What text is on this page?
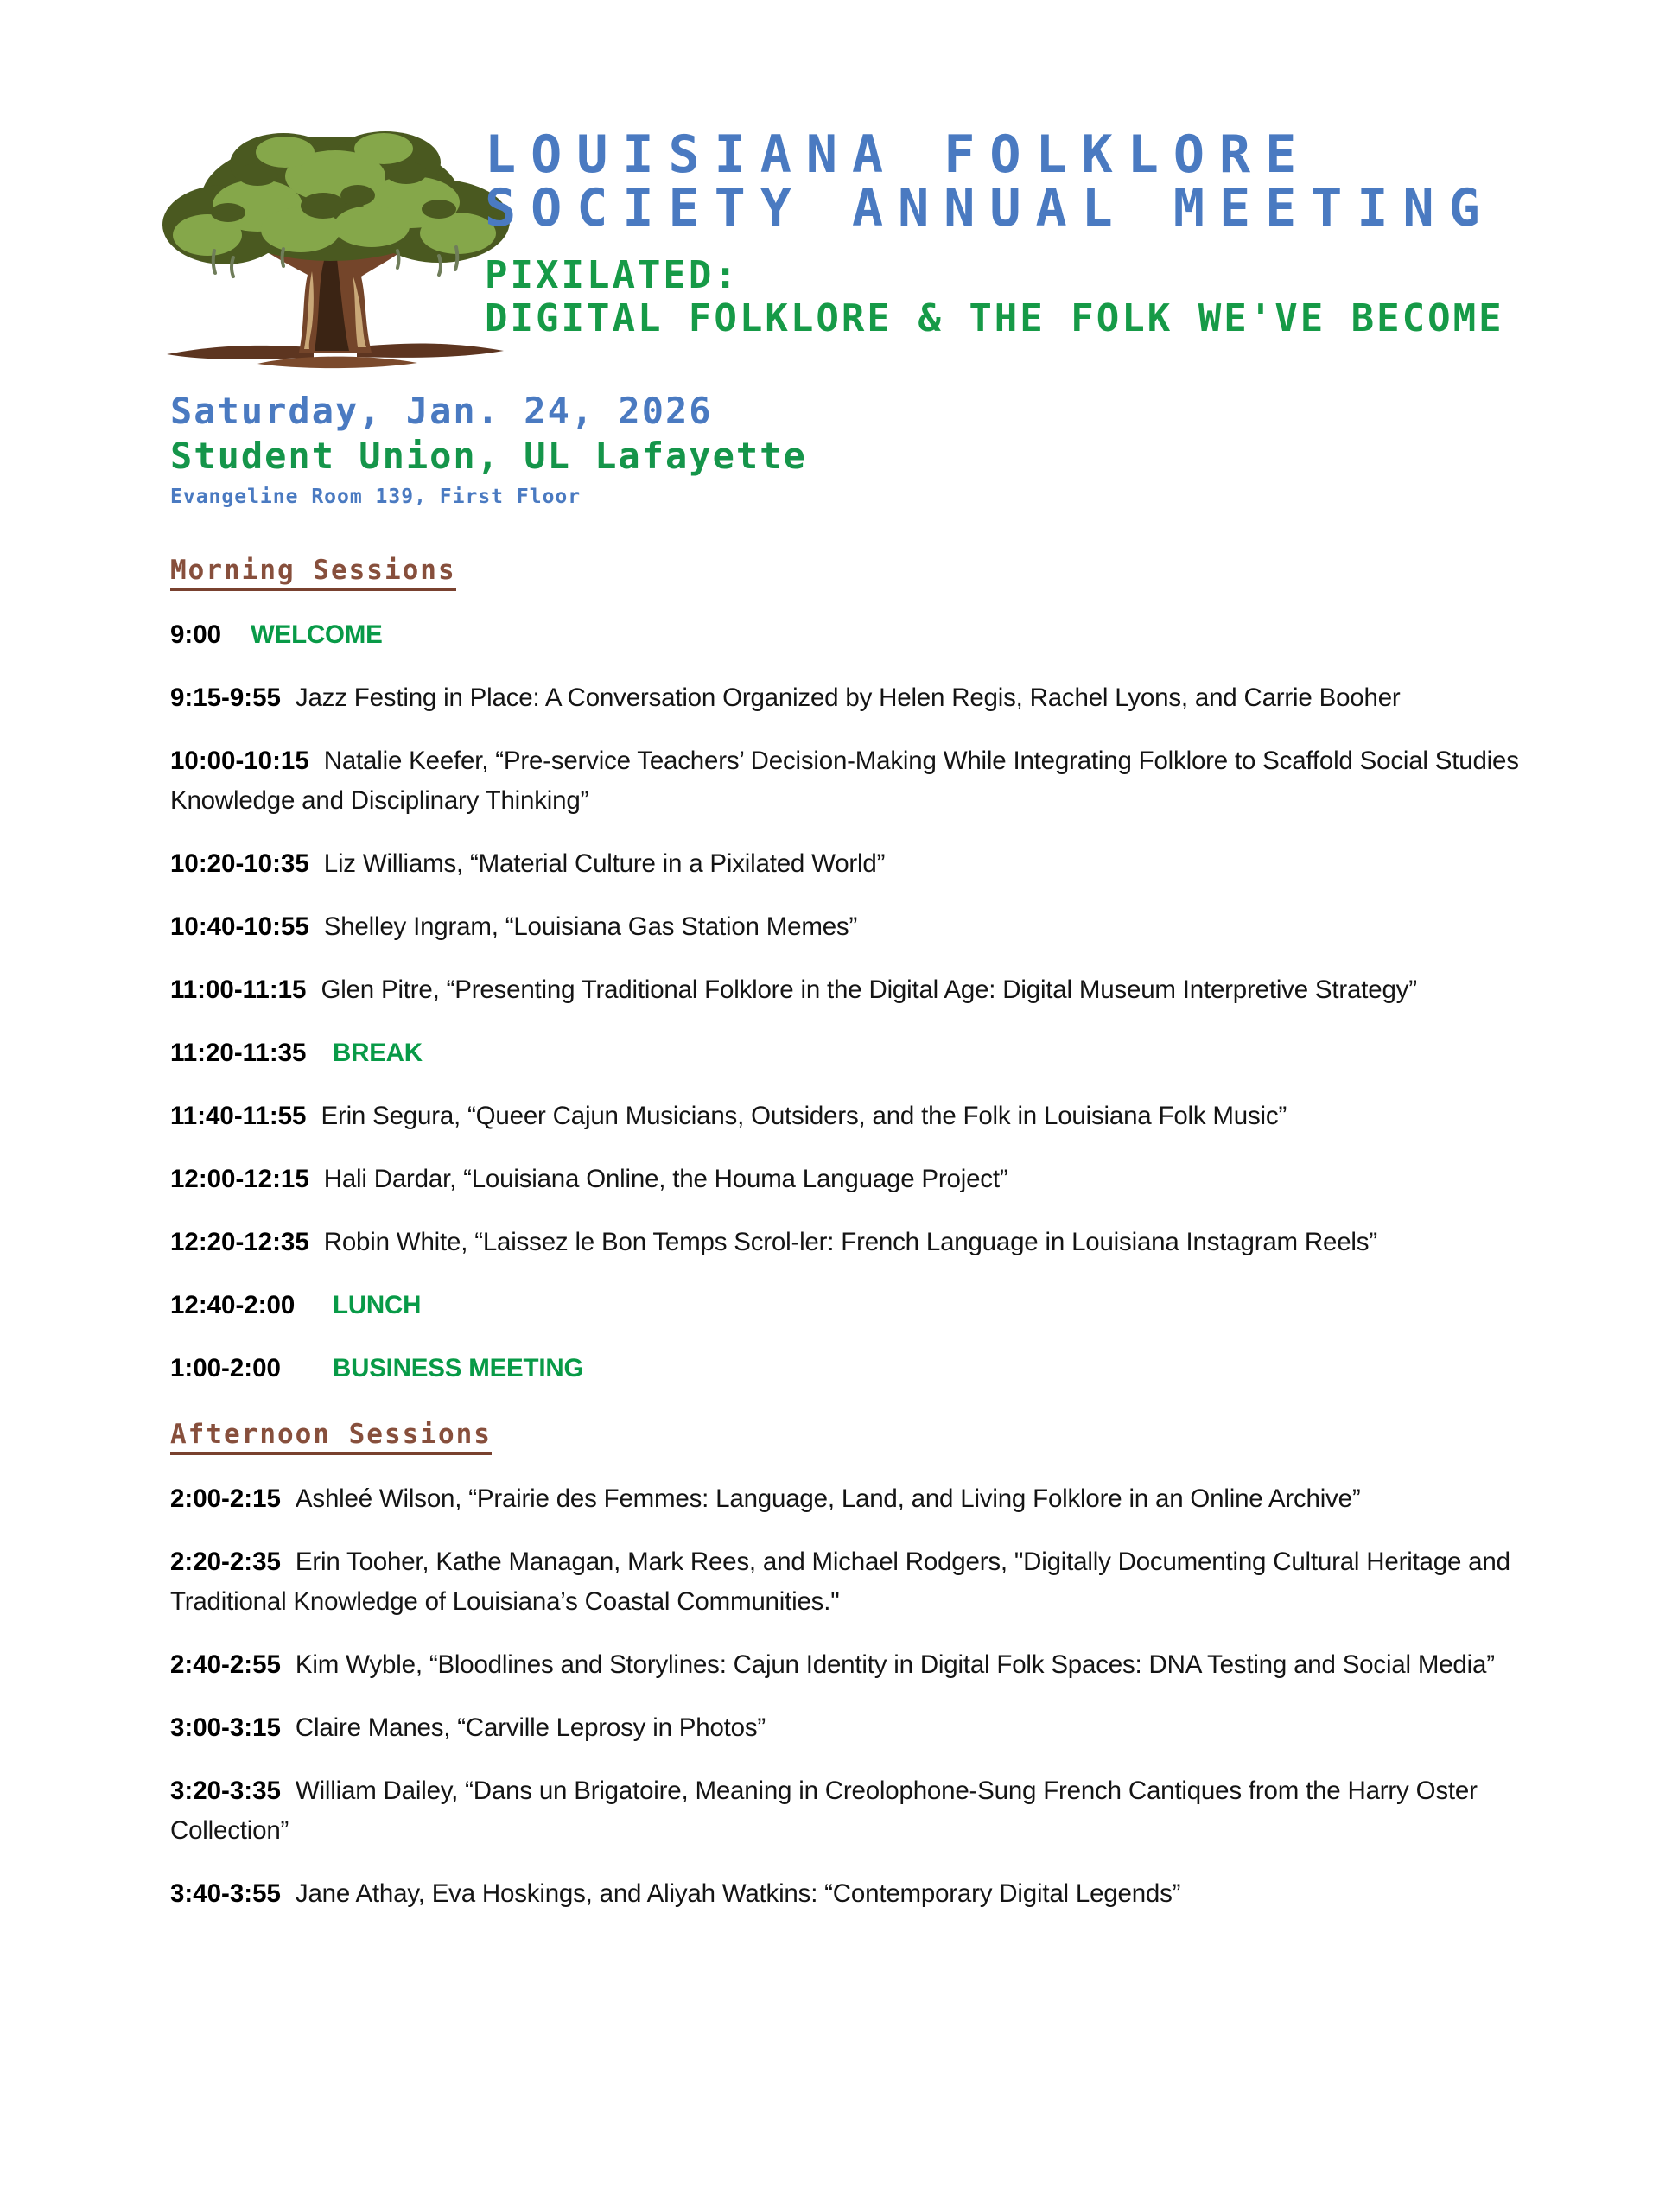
LOUISIANA FOLKLORE
SOCIETY ANNUAL MEETING
PIXILATED:
DIGITAL FOLKLORE & THE FOLK WE'VE BECOME
Saturday, Jan. 24, 2026
Student Union, UL Lafayette
Evangeline Room 139, First Floor
Morning Sessions

9:00 WELCOME

9:15-9:55 Jazz Festing in Place: A Conversation Organized by Helen Regis, Rachel Lyons, and Carrie Booher

10:00-10:15 Natalie Keefer, “Pre-service Teachers’ Decision-Making While Integrating Folklore to Scaffold Social Studies Knowledge and Disciplinary Thinking”

10:20-10:35 Liz Williams, “Material Culture in a Pixilated World”

10:40-10:55 Shelley Ingram, “Louisiana Gas Station Memes”

11:00-11:15 Glen Pitre, “Presenting Traditional Folklore in the Digital Age: Digital Museum Interpretive Strategy”

11:20-11:35 BREAK

11:40-11:55 Erin Segura, “Queer Cajun Musicians, Outsiders, and the Folk in Louisiana Folk Music”

12:00-12:15 Hali Dardar, “Louisiana Online, the Houma Language Project”

12:20-12:35 Robin White, “Laissez le Bon Temps Scrol-ler: French Language in Louisiana Instagram Reels”

12:40-2:00 LUNCH

1:00-2:00 BUSINESS MEETING

Afternoon Sessions

2:00-2:15 Ashleé Wilson, “Prairie des Femmes: Language, Land, and Living Folklore in an Online Archive”

2:20-2:35 Erin Tooher, Kathe Managan, Mark Rees, and Michael Rodgers, "Digitally Documenting Cultural Heritage and Traditional Knowledge of Louisiana’s Coastal Communities."

2:40-2:55 Kim Wyble, “Bloodlines and Storylines: Cajun Identity in Digital Folk Spaces: DNA Testing and Social Media”

3:00-3:15 Claire Manes, “Carville Leprosy in Photos”

3:20-3:35 William Dailey, “Dans un Brigatoire, Meaning in Creolophone-Sung French Cantiques from the Harry Oster Collection”

3:40-3:55 Jane Athay, Eva Hoskings, and Aliyah Watkins: “Contemporary Digital Legends”
